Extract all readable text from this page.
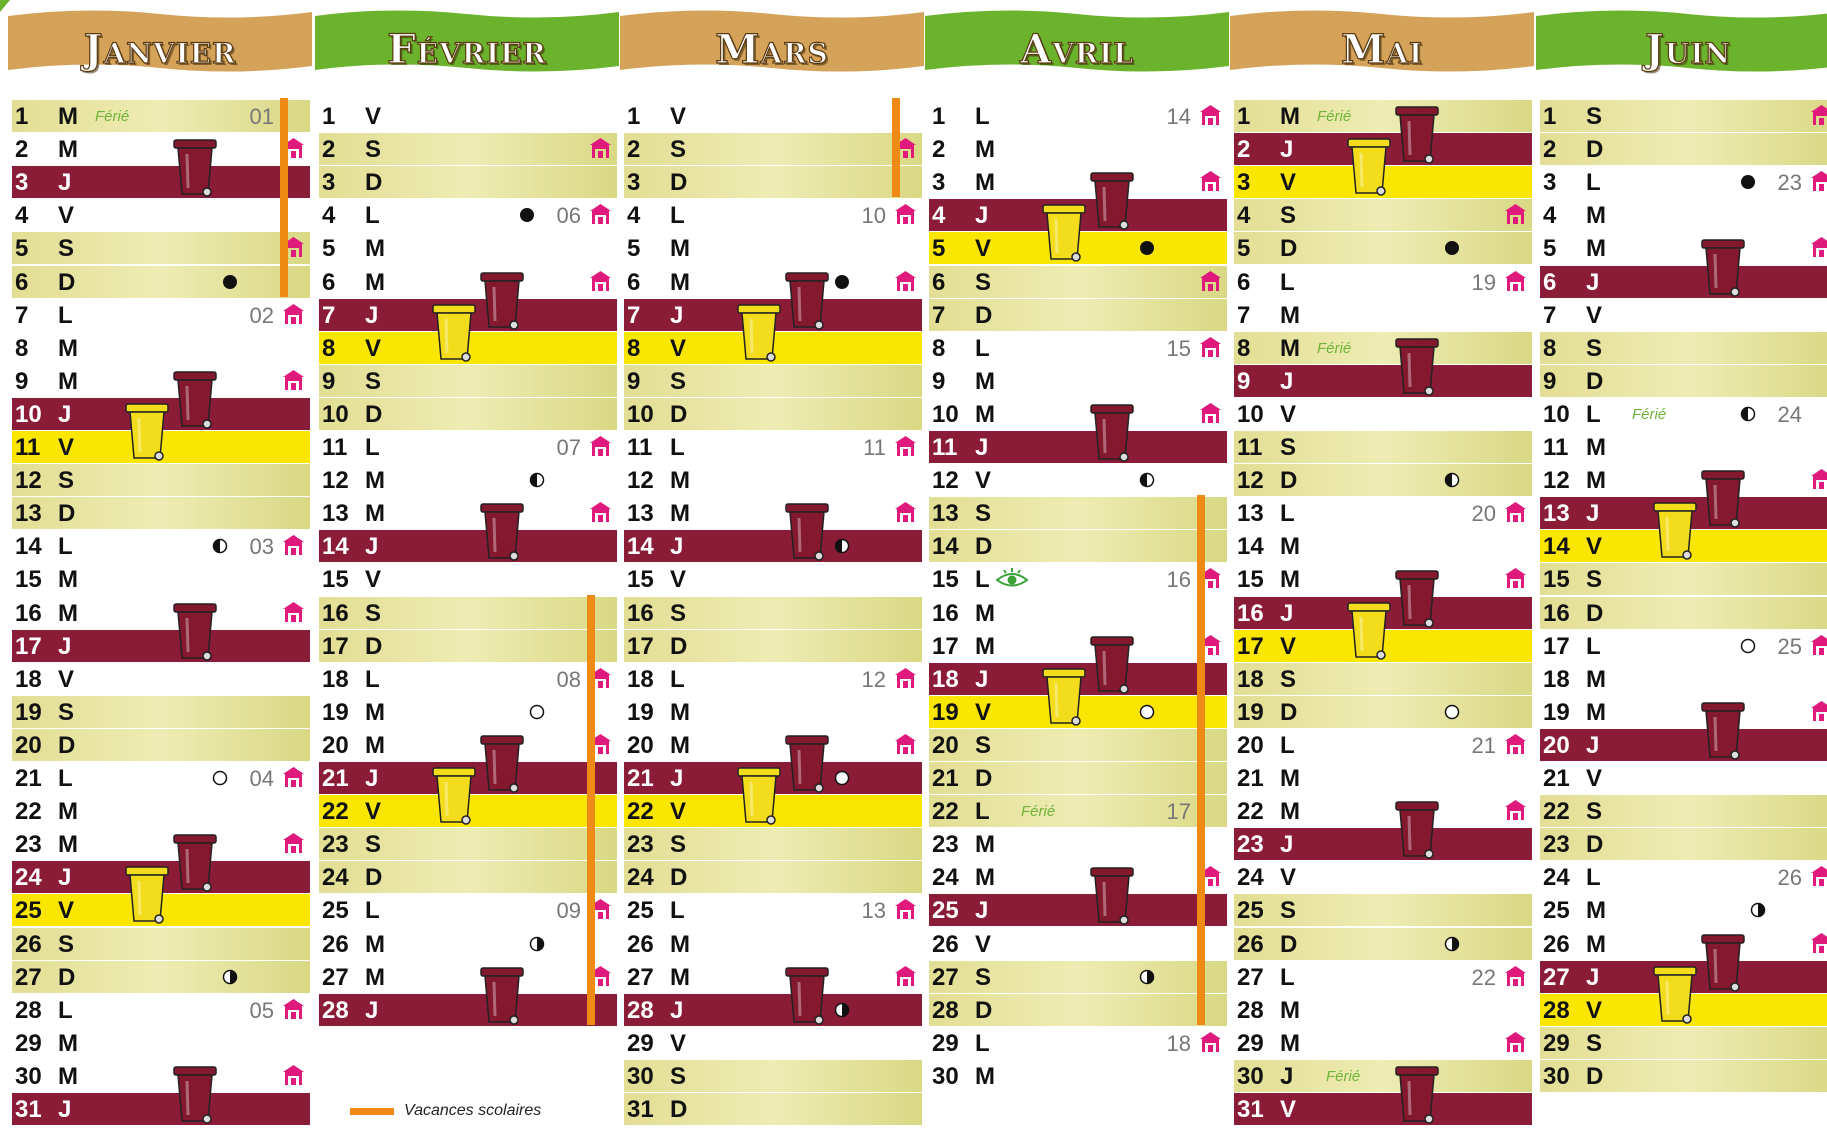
Janvier
1	M Férié	01
2	M
3	J
4	V
5	S
6	D
7	L	02
8	M
9	M
10 J
11 V
12 S
13 D
14 L	03
15 M
16 M
17 J
18 V
19 S
20 D
21 L	04
22 M
23 M
24 J
25 V
26 S
27 D
28 L	05
29 M
30 M
31 J
Février
1	V
2	S
3	D
4	L	06
5	M
6	M
7	J
8	V
9	S
10 D
11 L	07
12 M
13 M
14 J
15 V
16 S
17 D
18 L	08
19 M
20 M
21 J
22 V
23 S
24 D
25 L	09
26 M
27 M
28 J
Mars
1	V
2	S
3	D
4	L	10
5	M
6	M
7	J
8	V
9	S
10 D
11 L	11
12 M
13 M
14 J
15 V
16 S
17 D
18 L	12
19 M
20 M
21 J
22 V
23 S
24 D
25 L	13
26 M
27 M
28 J
29 V
30 S
31 D
Avril
1	L	14
2	M
3	M
4	J
5	V
6	S
7	D
8	L	15
9	M
10 M
11 J
12 V
13 S
14 D
15 L	16
16 M
17 M
18 J
19 V
20 S
21 D
22 L Férié	17
23 M
24 M
25 J
26 V
27 S
28 D
29 L	18
30 M
Mai
1	M Férié
2	J
3	V
4	S
5	D
6	L	19
7	M
8	M Férié
9	J
10 V
11 S
12 D
13 L	20
14 M
15 M
16 J
17 V
18 S
19 D
20 L	21
21 M
22 M
23 J
24 V
25 S
26 D
27 L	22
28 M
29 M
30 J Férié
31 V
Juin
1	S
2	D
3	L	23
4	M
5	M
6	J
7	V
8	S
9	D
10 L Férié	24
11 M
12 M
13 J
14 V
15 S
16 D
17 L	25
18 M
19 M
20 J
21 V
22 S
23 D
24 L	26
25 M
26 M
27 J
28 V
29 S
30 D
Vacances scolaires
